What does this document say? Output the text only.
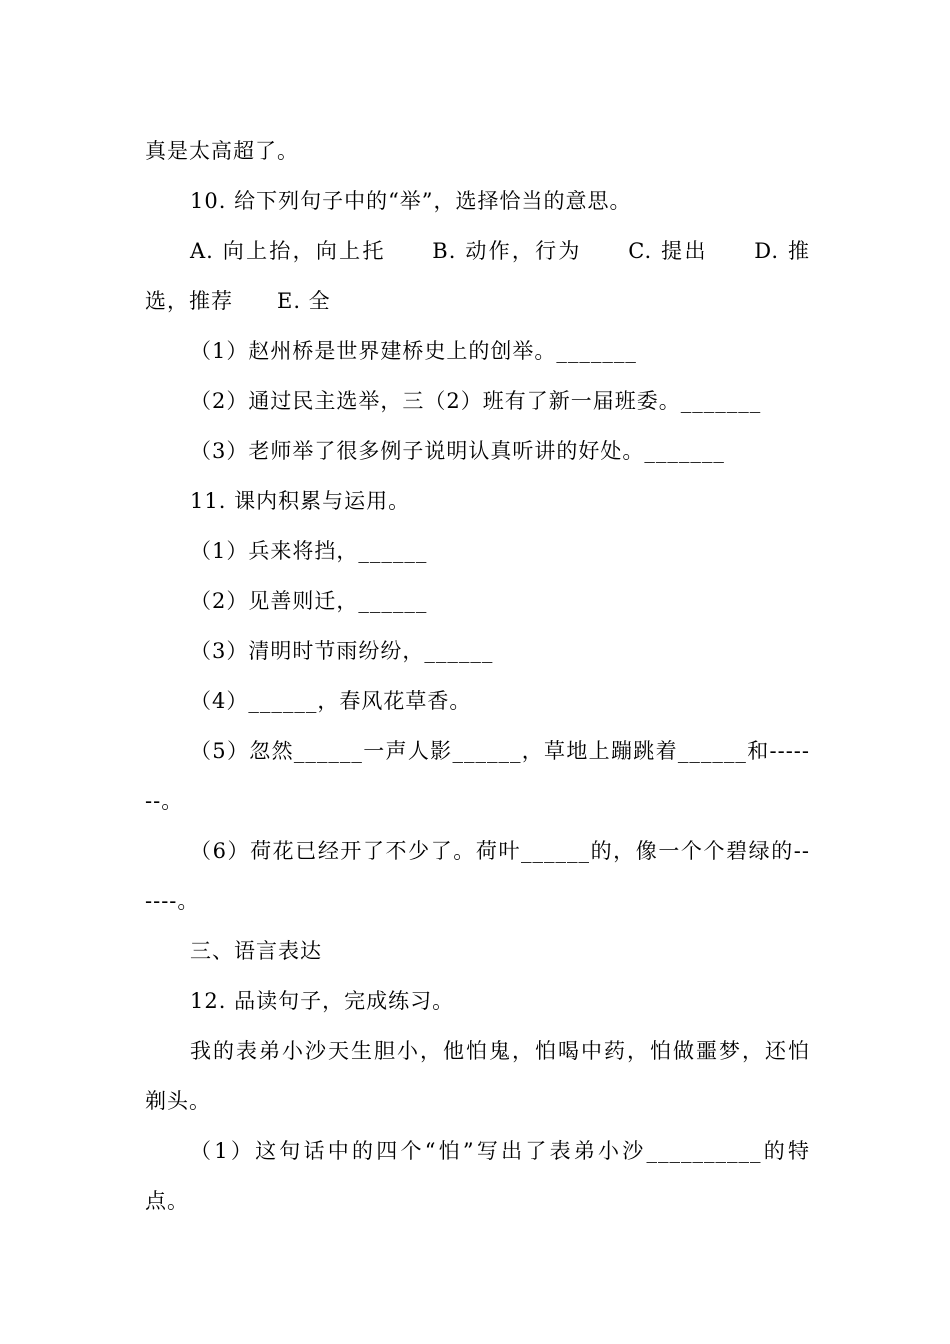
真是太高超了。
10. 给下列句子中的“举”，选择恰当的意思。
A. 向上抬，向上托　　B. 动作，行为　　C. 提出　　D. 推
选，推荐　　E. 全
（1）赵州桥是世界建桥史上的创举。_______
（2）通过民主选举，三（2）班有了新一届班委。_______
（3）老师举了很多例子说明认真听讲的好处。_______
11. 课内积累与运用。
（1）兵来将挡，______
（2）见善则迁，______
（3）清明时节雨纷纷，______
（4）______，春风花草香。
（5）忽然______一声人影______，草地上蹦跳着______和-----
--。
（6）荷花已经开了不少了。荷叶______的，像一个个碧绿的--
----。
三、语言表达
12. 品读句子，完成练习。
我的表弟小沙天生胆小，他怕鬼，怕喝中药，怕做噩梦，还怕
剃头。
（1）这句话中的四个“怕”写出了表弟小沙__________的特
点。
